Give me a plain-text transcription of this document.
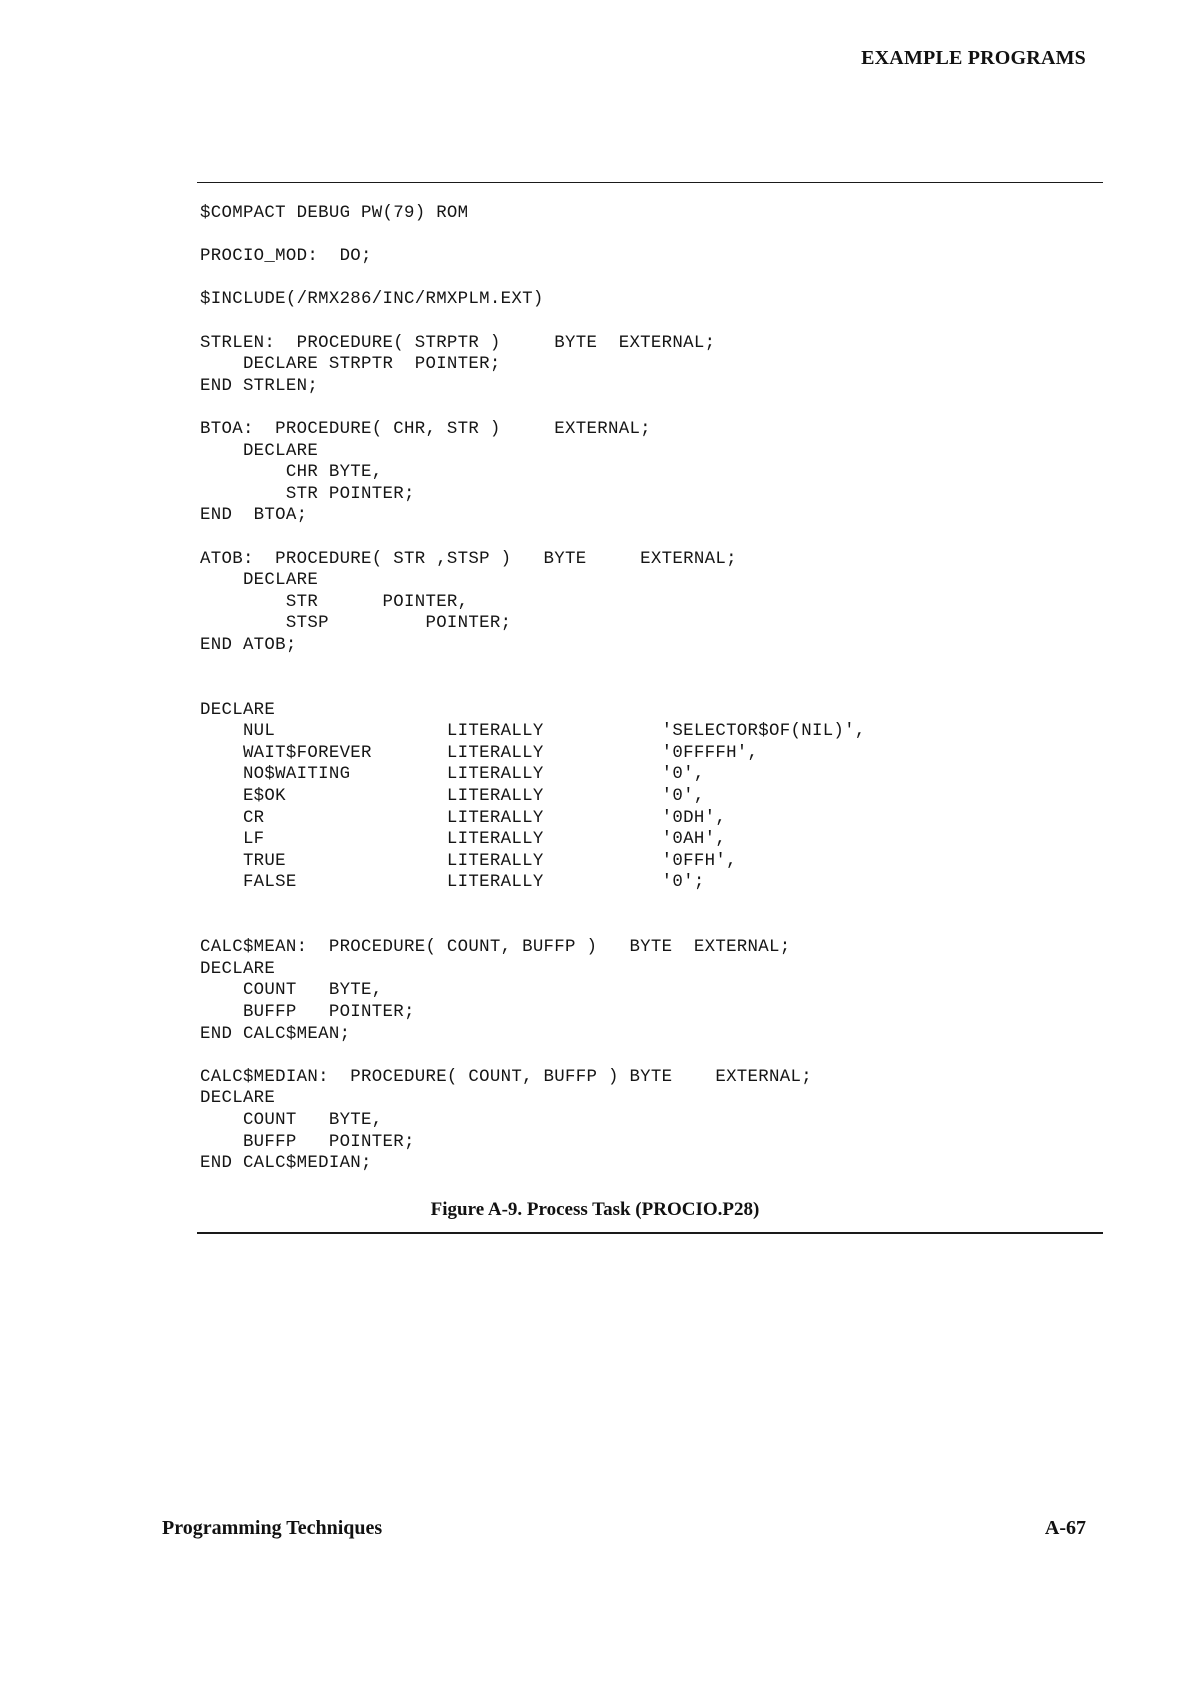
EXAMPLE PROGRAMS
$COMPACT DEBUG PW(79) ROM
PROCIO_MOD:  DO;
$INCLUDE(/RMX286/INC/RMXPLM.EXT)
STRLEN:  PROCEDURE( STRPTR )     BYTE  EXTERNAL;
DECLARE STRPTR  POINTER;
END STRLEN;
BTOA:  PROCEDURE( CHR, STR )     EXTERNAL;
DECLARE
CHR BYTE,
STR POINTER;
END  BTOA;
ATOB:  PROCEDURE( STR ,STSP )   BYTE     EXTERNAL;
DECLARE
STR      POINTER,
STSP         POINTER;
END ATOB;
DECLARE
NUL                LITERALLY           'SELECTOR$OF(NIL)',
WAIT$FOREVER       LITERALLY           '0FFFFH',
NO$WAITING         LITERALLY           '0',
E$OK               LITERALLY           '0',
CR                 LITERALLY           '0DH',
LF                 LITERALLY           '0AH',
TRUE               LITERALLY           '0FFH',
FALSE              LITERALLY           '0';
CALC$MEAN:  PROCEDURE( COUNT, BUFFP )   BYTE  EXTERNAL;
DECLARE
COUNT   BYTE,
BUFFP   POINTER;
END CALC$MEAN;
CALC$MEDIAN:  PROCEDURE( COUNT, BUFFP ) BYTE    EXTERNAL;
DECLARE
COUNT   BYTE,
BUFFP   POINTER;
END CALC$MEDIAN;
Figure A-9. Process Task (PROCIO.P28)
Programming Techniques	A-67
